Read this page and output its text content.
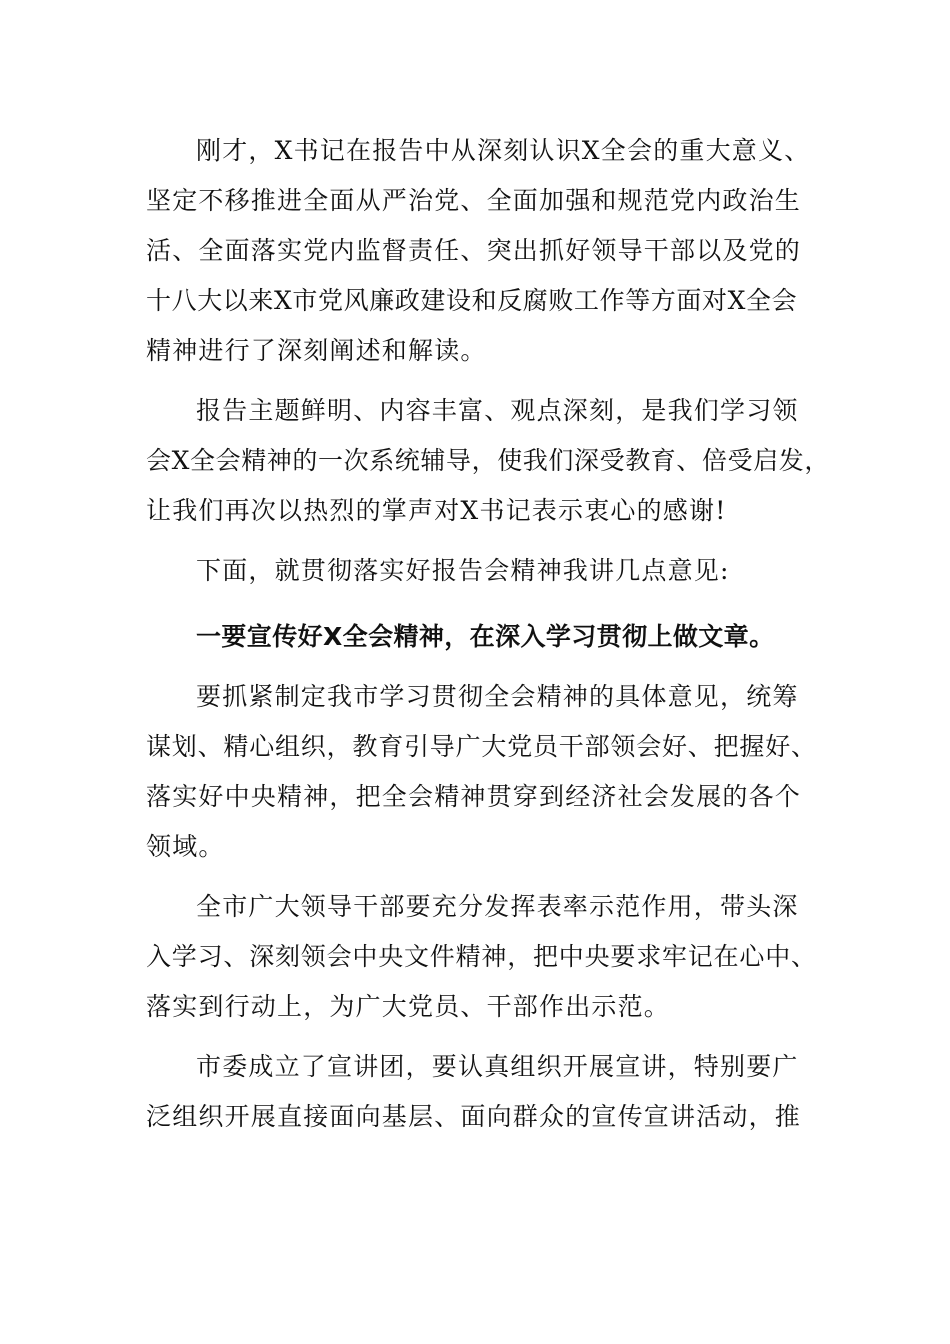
刚才，X书记在报告中从深刻认识X全会的重大意义、

坚定不移推进全面从严治党、全面加强和规范党内政治生

活、全面落实党内监督责任、突出抓好领导干部以及党的

十八大以来X市党风廉政建设和反腐败工作等方面对X全会

精神进行了深刻阐述和解读。

报告主题鲜明、内容丰富、观点深刻，是我们学习领

会X全会精神的一次系统辅导，使我们深受教育、倍受启发，

让我们再次以热烈的掌声对X书记表示衷心的感谢!

下面，就贯彻落实好报告会精神我讲几点意见:

一要宣传好X全会精神，在深入学习贯彻上做文章。

要抓紧制定我市学习贯彻全会精神的具体意见，统筹

谋划、精心组织，教育引导广大党员干部领会好、把握好、

落实好中央精神，把全会精神贯穿到经济社会发展的各个

领域。

全市广大领导干部要充分发挥表率示范作用，带头深

入学习、深刻领会中央文件精神，把中央要求牢记在心中、

落实到行动上，为广大党员、干部作出示范。

市委成立了宣讲团，要认真组织开展宣讲，特别要广

泛组织开展直接面向基层、面向群众的宣传宣讲活动，推
